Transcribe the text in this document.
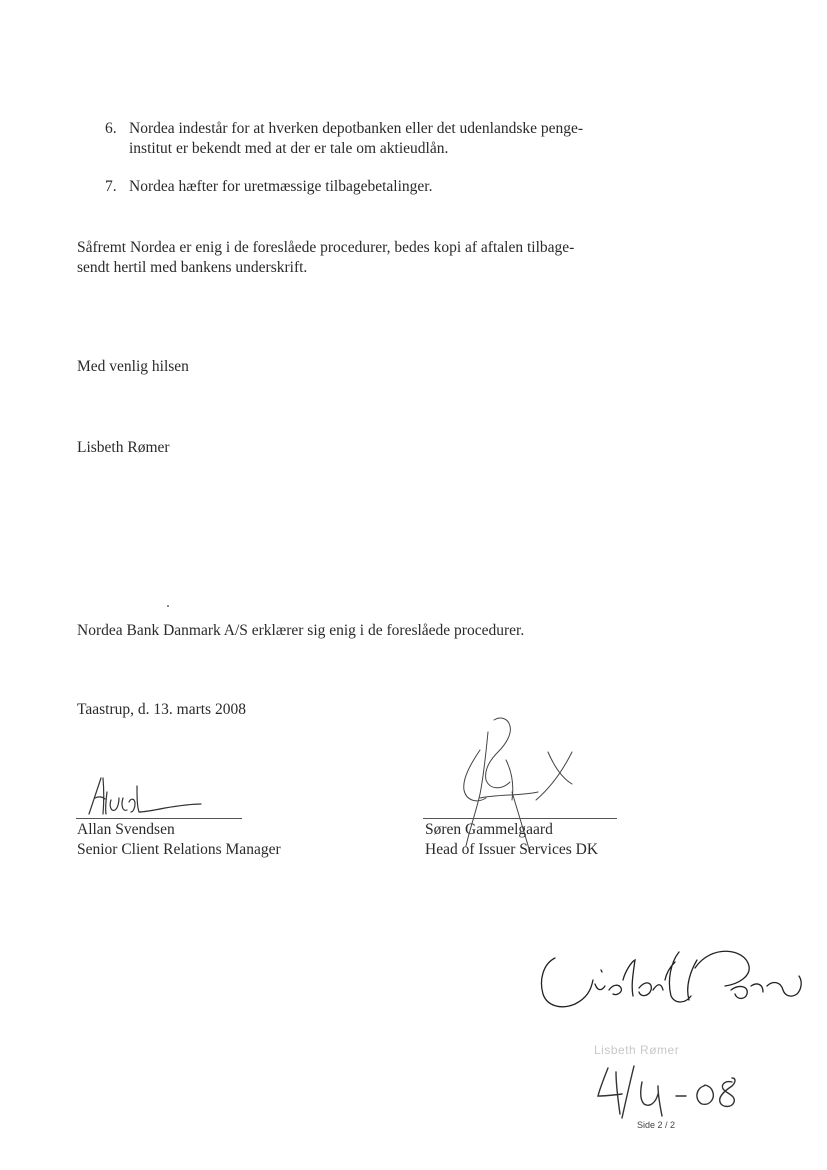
6. Nordea indestår for at hverken depotbanken eller det udenlandske penge-
institut er bekendt med at der er tale om aktieudlån.
7. Nordea hæfter for uretmæssige tilbagebetalinger.
Såfremt Nordea er enig i de foreslåede procedurer, bedes kopi af aftalen tilbage-
sendt hertil med bankens underskrift.
Med venlig hilsen
Lisbeth Rømer
Nordea Bank Danmark A/S erklærer sig enig i de foreslåede procedurer.
Taastrup, d. 13. marts 2008
Allan Svendsen
Senior Client Relations Manager
Søren Gammelgaard
Head of Issuer Services DK
Lisbeth Rømer
Side 2 / 2
